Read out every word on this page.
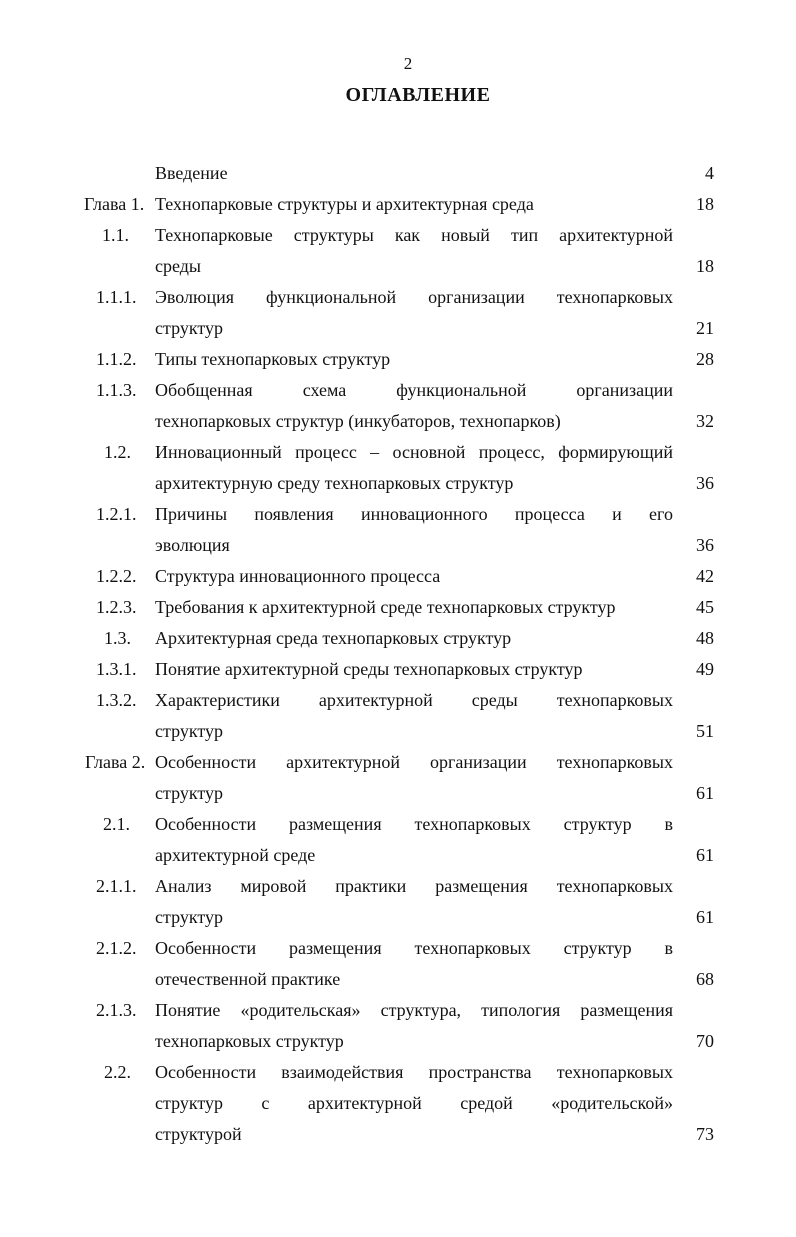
2
ОГЛАВЛЕНИЕ
Введение	4
Глава 1. Технопарковые структуры и архитектурная среда	18
1.1.	Технопарковые структуры как новый тип архитектурной
среды	18
1.1.1.	Эволюция функциональной организации технопарковых
структур	21
1.1.2.	Типы технопарковых структур	28
1.1.3.	Обобщенная схема функциональной организации
технопарковых структур (инкубаторов, технопарков)	32
1.2.	Инновационный процесс – основной процесс, формирующий
архитектурную среду технопарковых структур	36
1.2.1.	Причины появления инновационного процесса и его
эволюция	36
1.2.2.	Структура инновационного процесса	42
1.2.3.	Требования к архитектурной среде технопарковых структур	45
1.3.	Архитектурная среда технопарковых структур	48
1.3.1.	Понятие архитектурной среды технопарковых структур	49
1.3.2.	Характеристики архитектурной среды технопарковых
структур	51
Глава 2. Особенности архитектурной организации технопарковых
структур	61
2.1.	Особенности размещения технопарковых структур в
архитектурной среде	61
2.1.1.	Анализ мировой практики размещения технопарковых
структур	61
2.1.2.	Особенности размещения технопарковых структур в
отечественной практике	68
2.1.3.	Понятие «родительская» структура, типология размещения
технопарковых структур	70
2.2.	Особенности взаимодействия пространства технопарковых
структур с архитектурной средой «родительской»
структурой	73
